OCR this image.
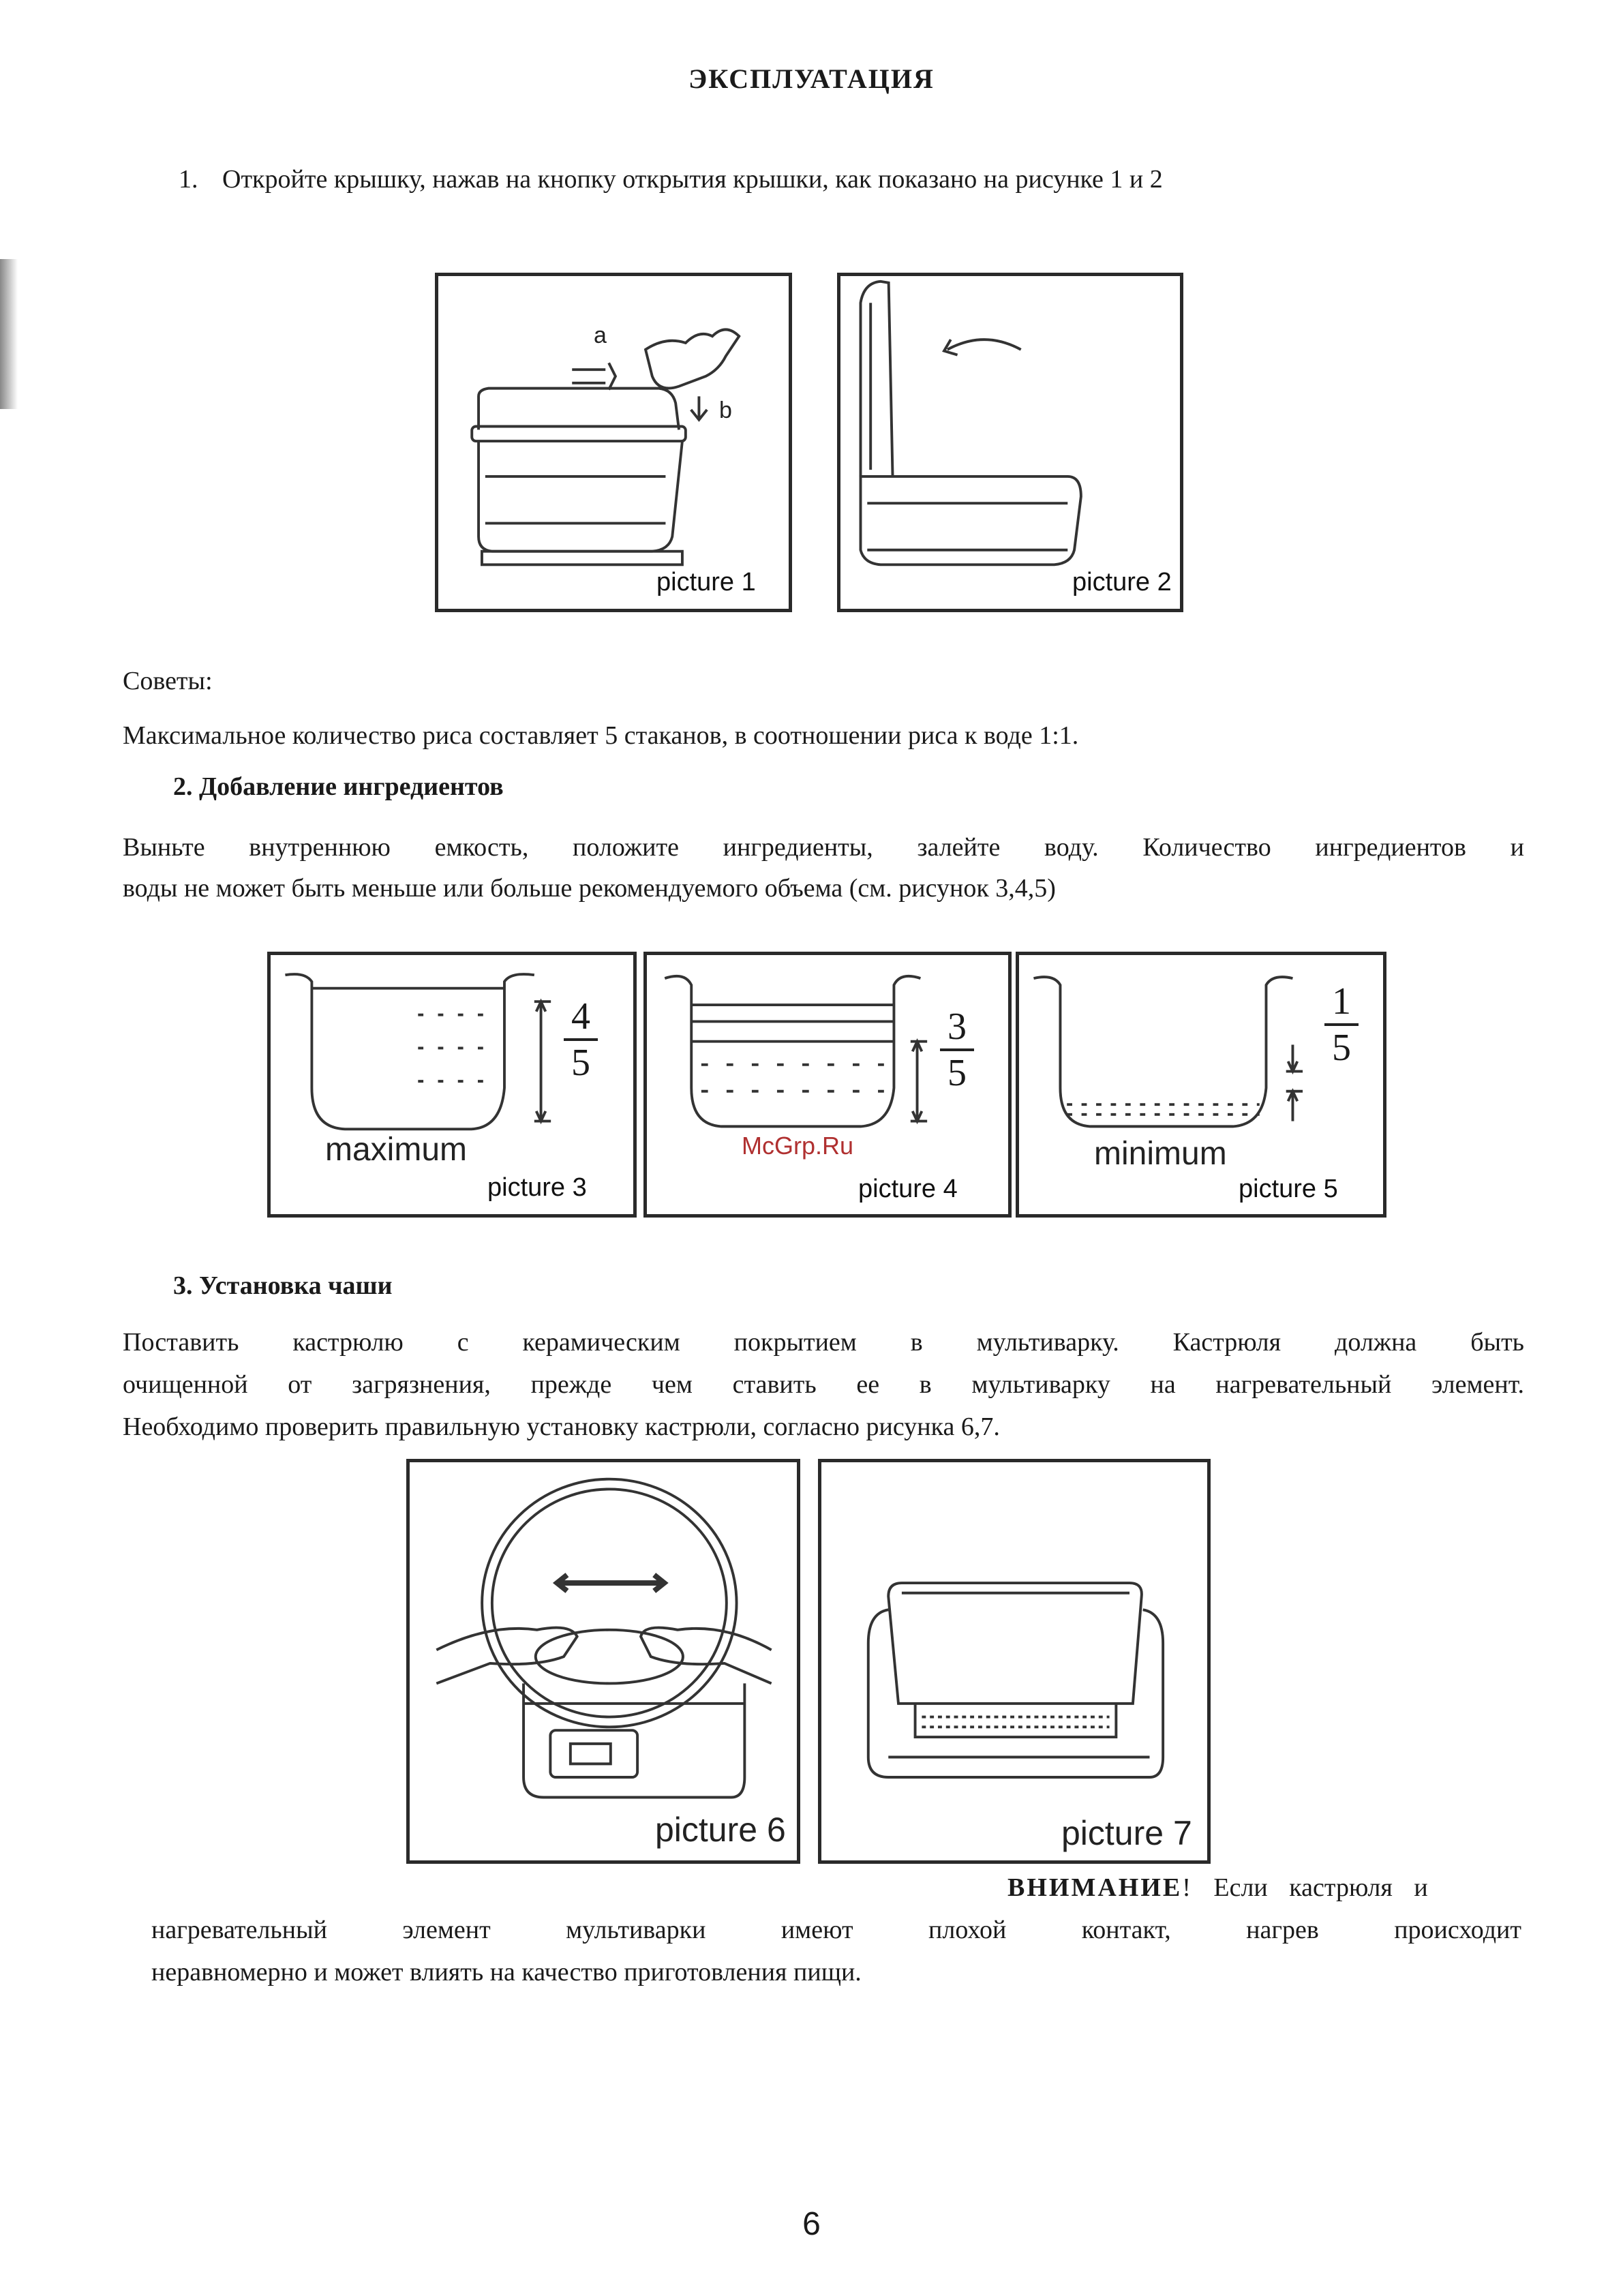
ЭКСПЛУАТАЦИЯ
1. Откройте крышку, нажав на кнопку открытия крышки, как показано на рисунке 1 и 2
a
b
picture 1	picture 2
Советы:
Максимальное количество риса составляет 5 стаканов, в соотношении риса к воде 1:1.
2. Добавление ингредиентов
Выньте внутреннюю емкость, положите ингредиенты, залейте воду. Количество ингредиентов и
воды не может быть меньше или больше рекомендуемого объема (см. рисунок 3,4,5)
4
5
maximum
picture 3
3
5
picture 4
1
5
minimum
picture 5
McGrp.Ru
3. Установка чаши
Поставить кастрюлю с керамическим покрытием в мультиварку. Кастрюля должна быть
очищенной от загрязнения, прежде чем ставить ее в мультиварку на нагревательный элемент.
Необходимо проверить правильную установку кастрюли, согласно рисунка 6,7.
picture 6	picture 7
ВНИМАНИЕ! Если кастрюля и
нагревательный элемент мультиварки имеют плохой контакт, нагрев происходит
неравномерно и может влиять на качество приготовления пищи.
6
